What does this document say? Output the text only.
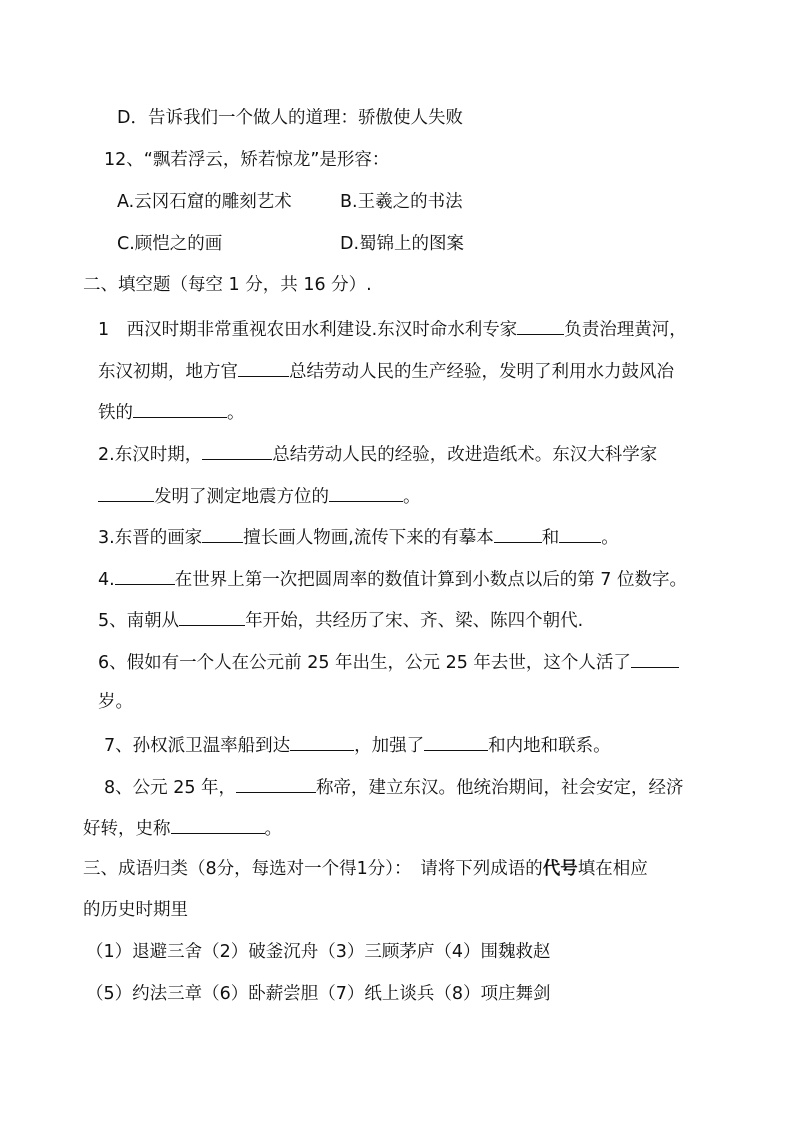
D．告诉我们一个做人的道理：骄傲使人失败
12、“飘若浮云，矫若惊龙”是形容：
A.云冈石窟的雕刻艺术	B.王羲之的书法
C.顾恺之的画	D.蜀锦上的图案
二、填空题（每空 1 分，共 16 分）.
1　西汉时期非常重视农田水利建设.东汉时命水利专家	负责治理黄河，
东汉初期，地方官	总结劳动人民的生产经验，发明了利用水力鼓风冶
铁的	。
2.东汉时期，	总结劳动人民的经验，改进造纸术。东汉大科学家
发明了测定地震方位的	。
3.东晋的画家 擅长画人物画,流传下来的有摹本	和 。
4.	在世界上第一次把圆周率的数值计算到小数点以后的第 7 位数字。
5、南朝从	年开始，共经历了宋、齐、梁、陈四个朝代.
6、假如有一个人在公元前 25 年出生，公元 25 年去世，这个人活了
岁。
7、孙权派卫温率船到达	，加强了	和内地和联系。
8、公元 25 年，	称帝，建立东汉。他统治期间，社会安定，经济
好转，史称	。
三、成语归类（8分，每选对一个得1分）：　请将下列成语的代号填在相应
的历史时期里
（1）退避三舍（2）破釜沉舟（3）三顾茅庐（4）围魏救赵
（5）约法三章（6）卧薪尝胆（7）纸上谈兵（8）项庄舞剑
